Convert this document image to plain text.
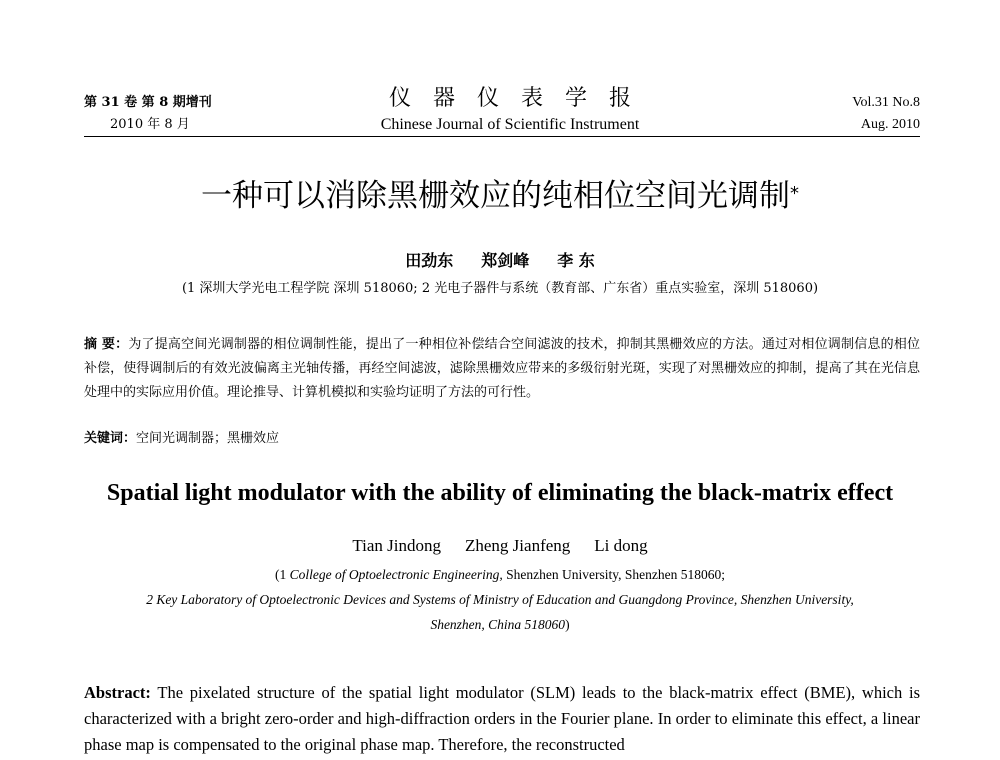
第 31 卷 第 8 期增刊
2010 年 8 月
仪器仪表学报
Chinese Journal of Scientific Instrument
Vol.31 No.8
Aug. 2010
一种可以消除黑栅效应的纯相位空间光调制*
田劲东 郑剑峰 李 东
(1 深圳大学光电工程学院 深圳 518060; 2 光电子器件与系统（教育部、广东省）重点实验室，深圳 518060)
摘 要：为了提高空间光调制器的相位调制性能，提出了一种相位补偿结合空间滤波的技术，抑制其黑栅效应的方法。通过对相位调制信息的相位补偿，使得调制后的有效光波偏离主光轴传播，再经空间滤波，滤除黑栅效应带来的多级衍射光斑，实现了对黑栅效应的抑制，提高了其在光信息处理中的实际应用价值。理论推导、计算机模拟和实验均证明了方法的可行性。
关键词：空间光调制器；黑栅效应
Spatial light modulator with the ability of eliminating the black-matrix effect
Tian Jindong Zheng Jianfeng Li dong
(1 College of Optoelectronic Engineering, Shenzhen University, Shenzhen 518060;
2 Key Laboratory of Optoelectronic Devices and Systems of Ministry of Education and Guangdong Province, Shenzhen University,
Shenzhen, China 518060)
Abstract: The pixelated structure of the spatial light modulator (SLM) leads to the black-matrix effect (BME), which is characterized with a bright zero-order and high-diffraction orders in the Fourier plane. In order to eliminate this effect, a linear phase map is compensated to the original phase map. Therefore, the reconstructed
